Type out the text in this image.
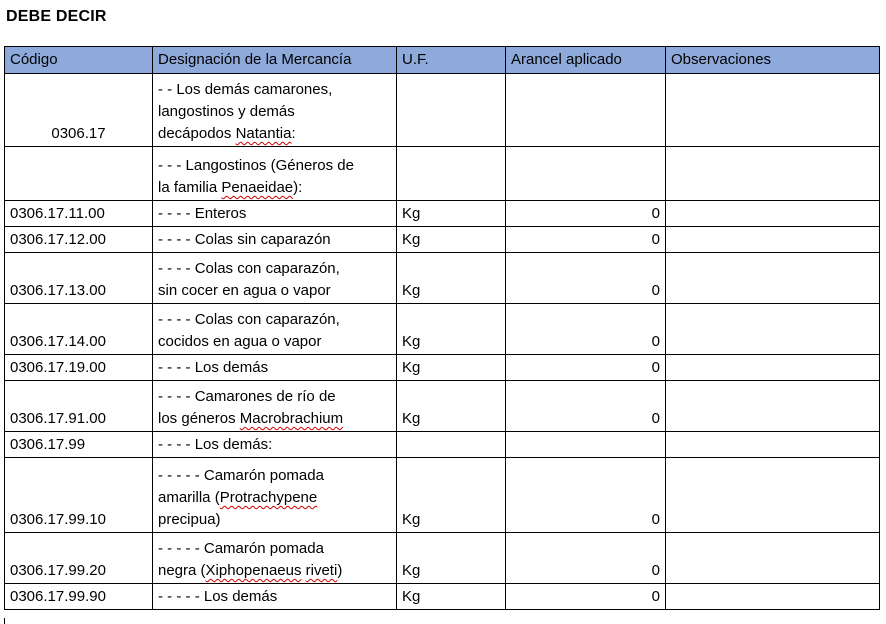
DEBE DECIR
Código	Designación de la Mercancía	U.F.	Arancel aplicado	Observaciones
0306.17	- - Los demás camarones,
langostinos y demás
decápodos Natantia:			

	- - - Langostinos (Géneros de
la familia Penaeidae):			

0306.17.11.00	- - - - Enteros	Kg	0	
0306.17.12.00	- - - - Colas sin caparazón	Kg	0	
0306.17.13.00	- - - - Colas con caparazón,
sin cocer en agua o vapor	Kg	0	
0306.17.14.00	- - - - Colas con caparazón,
cocidos en agua o vapor	Kg	0	
0306.17.19.00	- - - - Los demás	Kg	0	
0306.17.91.00	- - - - Camarones de río de
los géneros Macrobrachium	Kg	0	
0306.17.99	- - - - Los demás:			

0306.17.99.10	- - - - - Camarón pomada
amarilla (Protrachypene
precipua)	Kg	0	
0306.17.99.20	- - - - - Camarón pomada
negra (Xiphopenaeus riveti)	Kg	0	
0306.17.99.90	- - - - - Los demás	Kg	0	
